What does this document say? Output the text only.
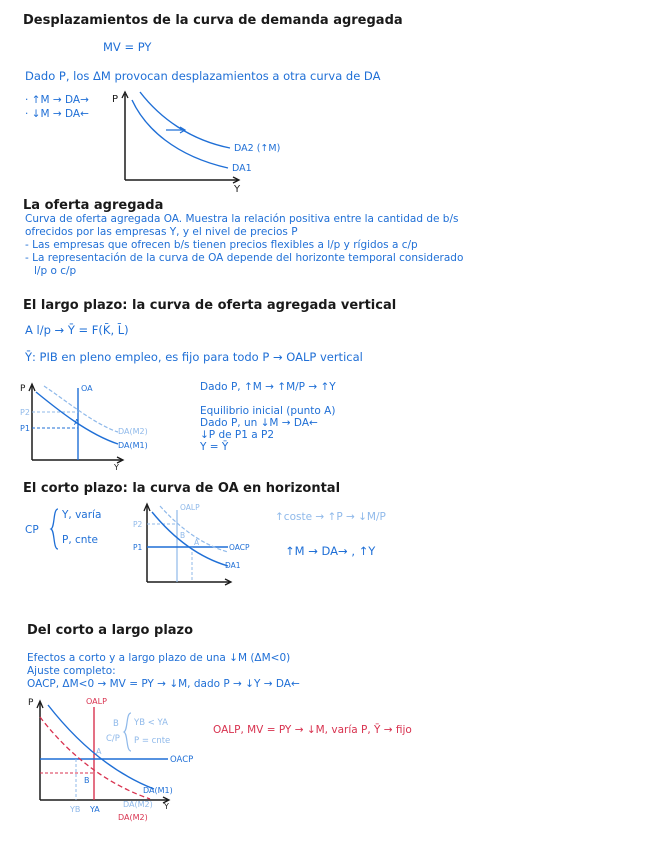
Desplazamientos de la curva de demanda agregada
MV = PY
Dado P, los ΔM provocan desplazamientos a otra curva de DA
· ↑M → DA→
· ↓M → DA←
P
Y
DA2 (↑M)
DA1
La oferta agregada
Curva de oferta agregada OA. Muestra la relación positiva entre la cantidad de b/s
ofrecidos por las empresas Y, y el nivel de precios P
- Las empresas que ofrecen b/s tienen precios flexibles a l/p y rígidos a c/p
- La representación de la curva de OA depende del horizonte temporal considerado
l/p o c/p
El largo plazo: la curva de oferta agregada vertical
A l/p → Ȳ = F(K̄, L̄)
Ȳ: PIB en pleno empleo, es fijo para todo P → OALP vertical
P	OA
P2
P1
A
DA(M2)
DA(M1)
Y
Dado P, ↑M → ↑M/P → ↑Y
Equilibrio inicial (punto A)
Dado P, un ↓M → DA←
↓P de P1 a P2
Y = Ȳ
El corto plazo: la curva de OA en horizontal
CP
Y, varía
P, cnte
OALP
P2
P1
B
A
OACP
DA1
↑coste → ↑P → ↓M/P
↑M → DA→ , ↑Y
Del corto a largo plazo
Efectos a corto y a largo plazo de una ↓M (ΔM<0)
Ajuste completo:
OACP, ΔM<0 → MV = PY → ↓M, dado P → ↓Y → DA←
P	OALP
B
C/P
YB < YA
P = cnte
OACP
A
B
DA(M1)
DA(M2)
DA(M2)
YB YA	Y
OALP, MV = PY → ↓M, varía P, Ȳ → fijo
